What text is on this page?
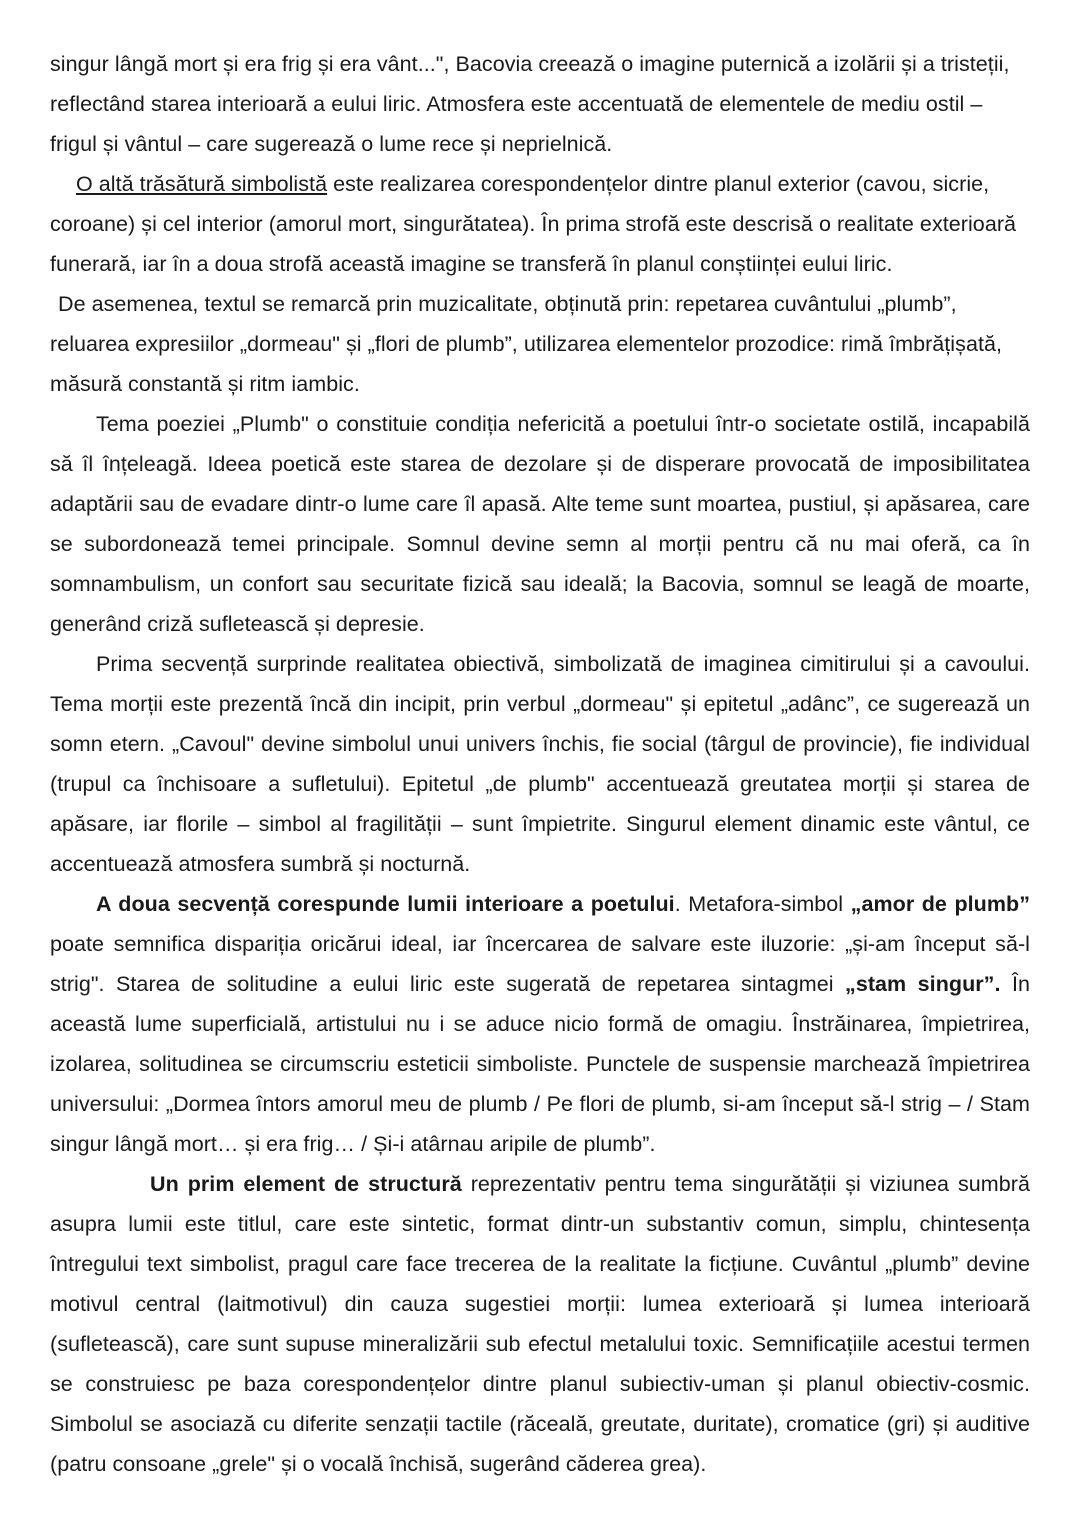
singur lângă mort și era frig și era vânt...", Bacovia creează o imagine puternică a izolării și a tristeții, reflectând starea interioară a eului liric. Atmosfera este accentuată de elementele de mediu ostil – frigul și vântul – care sugerează o lume rece și neprielnică.

O altă trăsătură simbolistă este realizarea corespondențelor dintre planul exterior (cavou, sicrie, coroane) și cel interior (amorul mort, singurătatea). În prima strofă este descrisă o realitate exterioară funerară, iar în a doua strofă această imagine se transferă în planul conștiinței eului liric.

De asemenea, textul se remarcă prin muzicalitate, obținută prin: repetarea cuvântului „plumb”, reluarea expresiilor „dormeau" și „flori de plumb”, utilizarea elementelor prozodice: rimă îmbrățișată, măsură constantă și ritm iambic.

Tema poeziei „Plumb" o constituie condiția nefericită a poetului într-o societate ostilă, incapabilă să îl înțeleagă. Ideea poetică este starea de dezolare și de disperare provocată de imposibilitatea adaptării sau de evadare dintr-o lume care îl apasă. Alte teme sunt moartea, pustiul, și apăsarea, care se subordonează temei principale. Somnul devine semn al morții pentru că nu mai oferă, ca în somnambulism, un confort sau securitate fizică sau ideală; la Bacovia, somnul se leagă de moarte, generând criză sufletească și depresie.

Prima secvență surprinde realitatea obiectivă, simbolizată de imaginea cimitirului și a cavoului. Tema morții este prezentă încă din incipit, prin verbul „dormeau" și epitetul „adânc”, ce sugerează un somn etern. „Cavoul" devine simbolul unui univers închis, fie social (târgul de provincie), fie individual (trupul ca închisoare a sufletului). Epitetul „de plumb" accentuează greutatea morții și starea de apăsare, iar florile – simbol al fragilității – sunt împietrite. Singurul element dinamic este vântul, ce accentuează atmosfera sumbră și nocturnă.

A doua secvență corespunde lumii interioare a poetului. Metafora-simbol „amor de plumb” poate semnifica dispariția oricărui ideal, iar încercarea de salvare este iluzorie: „și-am început să-l strig". Starea de solitudine a eului liric este sugerată de repetarea sintagmei „stam singur”. În această lume superficială, artistului nu i se aduce nicio formă de omagiu. Înstrăinarea, împietrirea, izolarea, solitudinea se circumscriu esteticii simboliste. Punctele de suspensie marchează împietrirea universului: „Dormea întors amorul meu de plumb / Pe flori de plumb, si-am început să-l strig – / Stam singur lângă mort… și era frig… / Și-i atârnau aripile de plumb”.

Un prim element de structură reprezentativ pentru tema singurătății și viziunea sumbră asupra lumii este titlul, care este sintetic, format dintr-un substantiv comun, simplu, chintesența întregului text simbolist, pragul care face trecerea de la realitate la ficțiune. Cuvântul „plumb” devine motivul central (laitmotivul) din cauza sugestiei morții: lumea exterioară și lumea interioară (sufletească), care sunt supuse mineralizării sub efectul metalului toxic. Semnificațiile acestui termen se construiesc pe baza corespondențelor dintre planul subiectiv-uman și planul obiectiv-cosmic. Simbolul se asociază cu diferite senzații tactile (răceală, greutate, duritate), cromatice (gri) și auditive (patru consoane „grele" și o vocală închisă, sugerând căderea grea).
